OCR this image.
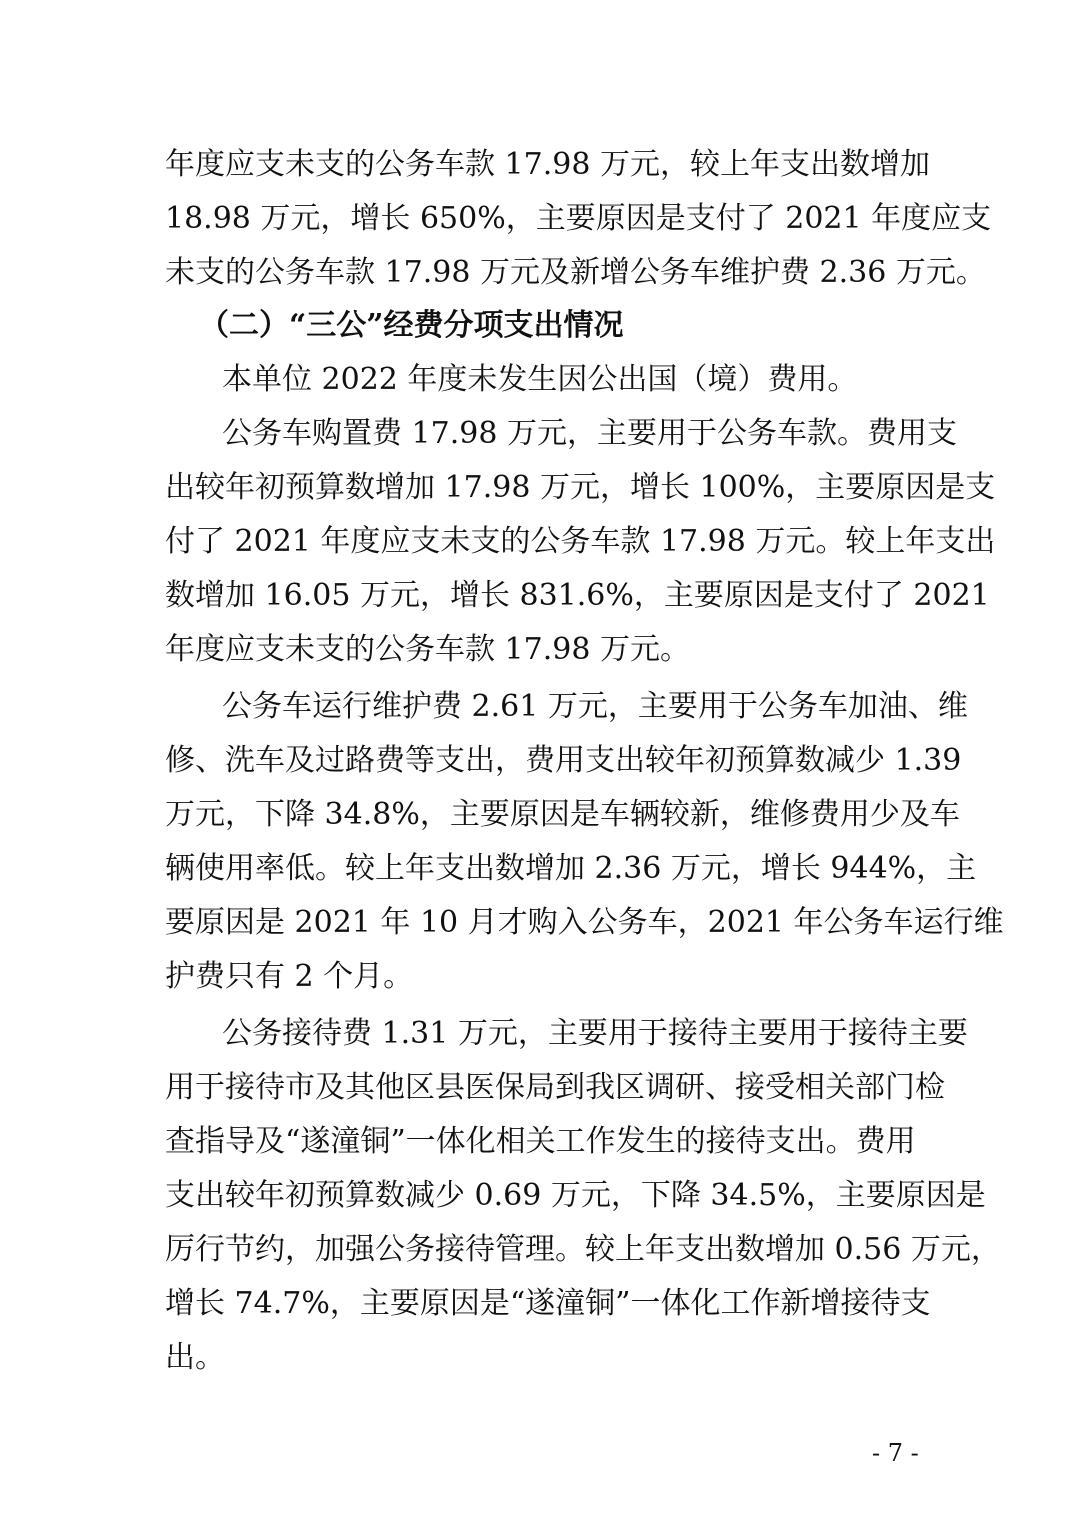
年度应支未支的公务车款 17.98 万元，较上年支出数增加

18.98 万元，增长 650%，主要原因是支付了 2021 年度应支

未支的公务车款 17.98 万元及新增公务车维护费 2.36 万元。

（二）“三公”经费分项支出情况

本单位 2022 年度未发生因公出国（境）费用。

公务车购置费 17.98 万元，主要用于公务车款。费用支

出较年初预算数增加 17.98 万元，增长 100%，主要原因是支

付了 2021 年度应支未支的公务车款 17.98 万元。较上年支出

数增加 16.05 万元，增长 831.6%，主要原因是支付了 2021

年度应支未支的公务车款 17.98 万元。

公务车运行维护费 2.61 万元，主要用于公务车加油、维

修、洗车及过路费等支出，费用支出较年初预算数减少 1.39

万元，下降 34.8%，主要原因是车辆较新，维修费用少及车

辆使用率低。较上年支出数增加 2.36 万元，增长 944%，主

要原因是 2021 年 10 月才购入公务车，2021 年公务车运行维

护费只有 2 个月。

公务接待费 1.31 万元，主要用于接待主要用于接待主要

用于接待市及其他区县医保局到我区调研、接受相关部门检

查指导及“遂潼铜”一体化相关工作发生的接待支出。费用

支出较年初预算数减少 0.69 万元，下降 34.5%，主要原因是

厉行节约，加强公务接待管理。较上年支出数增加 0.56 万元，

增长 74.7%，主要原因是“遂潼铜”一体化工作新增接待支

出。

- 7 -
